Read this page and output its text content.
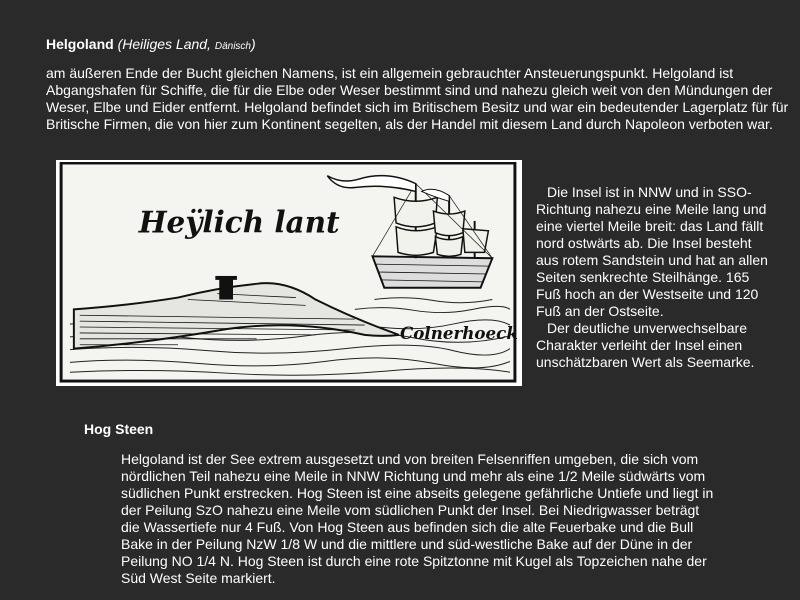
Helgoland (Heiliges Land, Dänisch)
am äußeren Ende der Bucht gleichen Namens, ist ein allgemein gebrauchter Ansteuerungspunkt. Helgoland ist Abgangshafen für Schiffe, die für die Elbe oder Weser bestimmt sind und nahezu gleich weit von den Mündungen der Weser, Elbe und Eider entfernt. Helgoland befindet sich im Britischem Besitz und war ein bedeutender Lagerplatz für für Britische Firmen, die von hier zum Kontinent segelten, als der Handel mit diesem Land durch Napoleon verboten war.
Heÿlich lant
Colnerhoeck

Die Insel ist in NNW und in SSO-Richtung nahezu eine Meile lang und eine viertel Meile breit: das Land fällt nord ostwärts ab. Die Insel besteht aus rotem Sandstein und hat an allen Seiten senkrechte Steilhänge. 165 Fuß hoch an der Westseite und 120 Fuß an der Ostseite.

Der deutliche unverwechselbare Charakter verleiht der Insel einen unschätzbaren Wert als Seemarke.

Hog Steen
Helgoland ist der See extrem ausgesetzt und von breiten Felsenriffen umgeben, die sich vom nördlichen Teil nahezu eine Meile in NNW Richtung und mehr als eine 1/2 Meile südwärts vom südlichen Punkt erstrecken. Hog Steen ist eine abseits gelegene gefährliche Untiefe und liegt in der Peilung SzO nahezu eine Meile vom südlichen Punkt der Insel. Bei Niedrigwasser beträgt die Wassertiefe nur 4 Fuß. Von Hog Steen aus befinden sich die alte Feuerbake und die Bull Bake in der Peilung NzW 1/8 W und die mittlere und süd-westliche Bake auf der Düne in der Peilung NO 1/4 N. Hog Steen ist durch eine rote Spitztonne mit Kugel als Topzeichen nahe der Süd West Seite markiert.
